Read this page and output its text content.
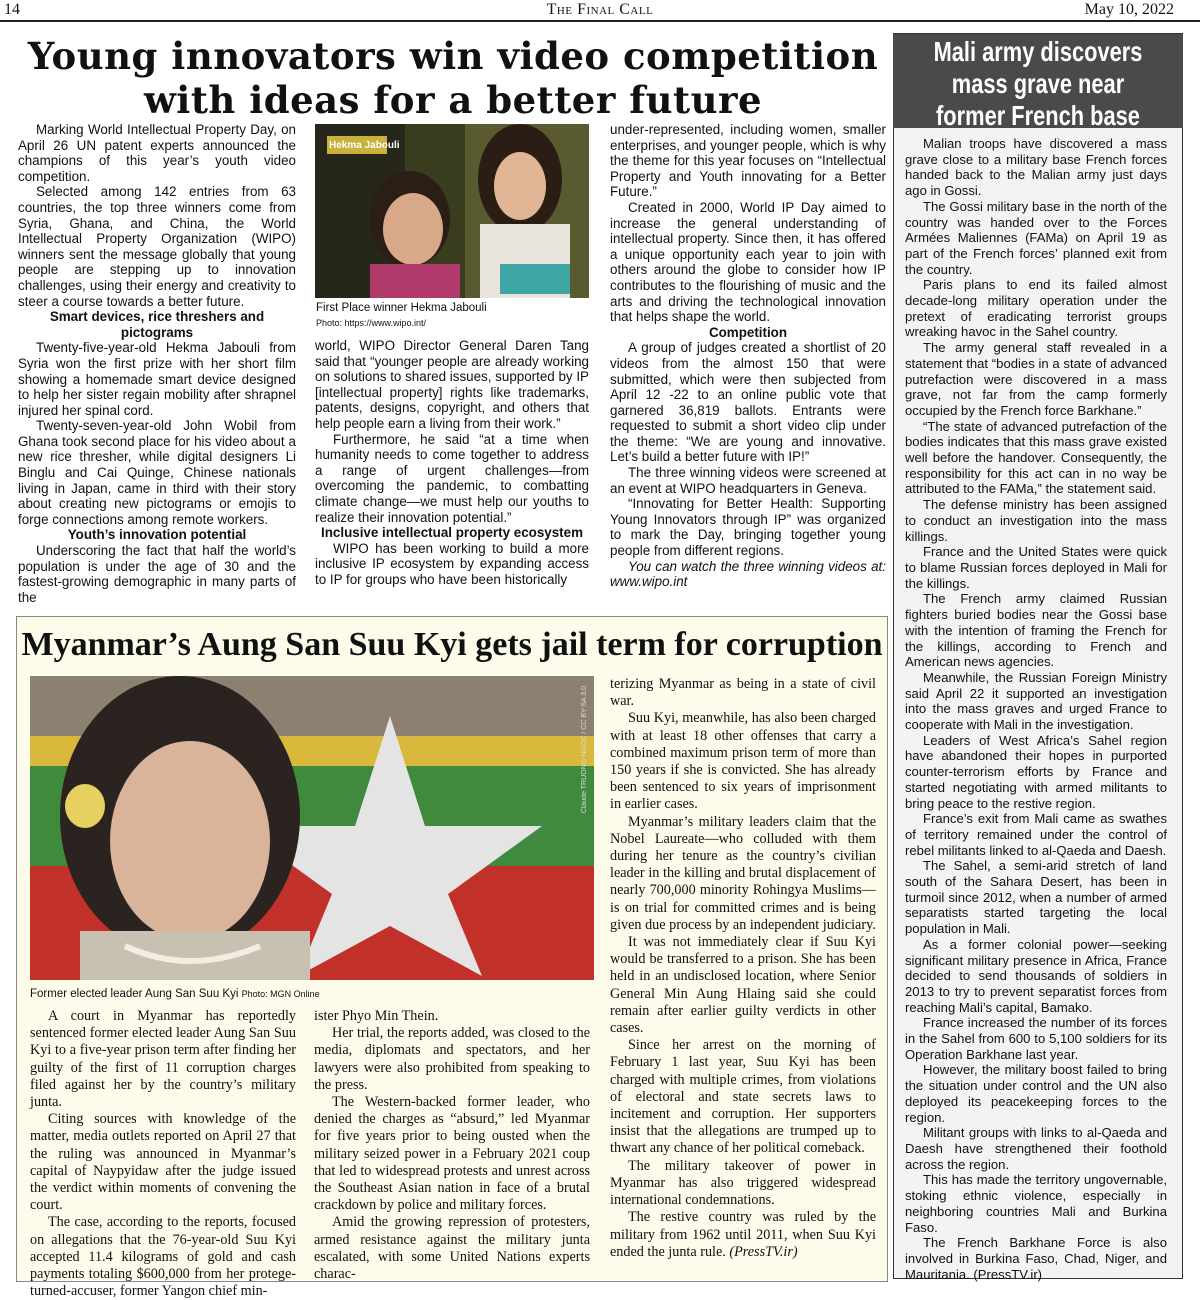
14	The Final Call	May 10, 2022
Young innovators win video competition
with ideas for a better future

Marking World Intellectual Property Day, on April 26 UN patent experts announced the champions of this year’s youth video competition.

Selected among 142 entries from 63 countries, the top three winners come from Syria, Ghana, and China, the World Intellectual Property Organization (WIPO) winners sent the message globally that young people are stepping up to innovation challenges, using their energy and creativity to steer a course towards a better future.

Smart devices, rice threshers and pictograms

Twenty-five-year-old Hekma Jabouli from Syria won the first prize with her short film showing a homemade smart device designed to help her sister regain mobility after shrapnel injured her spinal cord.

Twenty-seven-year-old John Wobil from Ghana took second place for his video about a new rice thresher, while digital designers Li Binglu and Cai Quinge, Chinese nationals living in Japan, came in third with their story about creating new pictograms or emojis to forge connections among remote workers.

Youth’s innovation potential

Underscoring the fact that half the world’s population is under the age of 30 and the fastest-growing demographic in many parts of the

Hekma Jabouli
First Place winner Hekma Jabouli
Photo: https://www.wipo.int/

world, WIPO Director General Daren Tang said that “younger people are already working on solutions to shared issues, supported by IP [intellectual property] rights like trademarks, patents, designs, copyright, and others that help people earn a living from their work.”

Furthermore, he said “at a time when humanity needs to come together to address a range of urgent challenges—from overcoming the pandemic, to combatting climate change—we must help our youths to realize their innovation potential.”

Inclusive intellectual property ecosystem

WIPO has been working to build a more inclusive IP ecosystem by expanding access to IP for groups who have been historically

under-represented, including women, smaller enterprises, and younger people, which is why the theme for this year focuses on “Intellectual Property and Youth innovating for a Better Future.”

Created in 2000, World IP Day aimed to increase the general understanding of intellectual property. Since then, it has offered a unique opportunity each year to join with others around the globe to consider how IP contributes to the flourishing of music and the arts and driving the technological innovation that helps shape the world.

Competition

A group of judges created a shortlist of 20 videos from the almost 150 that were submitted, which were then subjected from April 12 -22 to an online public vote that garnered 36,819 ballots. Entrants were requested to submit a short video clip under the theme: “We are young and innovative. Let’s build a better future with IP!”

The three winning videos were screened at an event at WIPO headquarters in Geneva.

“Innovating for Better Health: Supporting Young Innovators through IP” was organized to mark the Day, bringing together young people from different regions.

You can watch the three winning videos at: www.wipo.int

Myanmar’s Aung San Suu Kyi gets jail term for corruption
Claude TRUONG-NGOC / CC BY-SA 3.0
Former elected leader Aung San Suu Kyi Photo: MGN Online

A court in Myanmar has reportedly sentenced former elected leader Aung San Suu Kyi to a five-year prison term after finding her guilty of the first of 11 corruption charges filed against her by the country’s military junta.

Citing sources with knowledge of the matter, media outlets reported on April 27 that the ruling was announced in Myanmar’s capital of Naypyidaw after the judge issued the verdict within moments of convening the court.

The case, according to the reports, focused on allegations that the 76-year-old Suu Kyi accepted 11.4 kilograms of gold and cash payments totaling $600,000 from her protege-turned-accuser, former Yangon chief min-

ister Phyo Min Thein.

Her trial, the reports added, was closed to the media, diplomats and spectators, and her lawyers were also prohibited from speaking to the press.

The Western-backed former leader, who denied the charges as “absurd,” led Myanmar for five years prior to being ousted when the military seized power in a February 2021 coup that led to widespread protests and unrest across the Southeast Asian nation in face of a brutal crackdown by police and military forces.

Amid the growing repression of protesters, armed resistance against the military junta escalated, with some United Nations experts charac-

terizing Myanmar as being in a state of civil war.

Suu Kyi, meanwhile, has also been charged with at least 18 other offenses that carry a combined maximum prison term of more than 150 years if she is convicted. She has already been sentenced to six years of imprisonment in earlier cases.

Myanmar’s military leaders claim that the Nobel Laureate—who colluded with them during her tenure as the country’s civilian leader in the killing and brutal displacement of nearly 700,000 minority Rohingya Muslims—is on trial for committed crimes and is being given due process by an independent judiciary.

It was not immediately clear if Suu Kyi would be transferred to a prison. She has been held in an undisclosed location, where Senior General Min Aung Hlaing said she could remain after earlier guilty verdicts in other cases.

Since her arrest on the morning of February 1 last year, Suu Kyi has been charged with multiple crimes, from violations of electoral and state secrets laws to incitement and corruption. Her supporters insist that the allegations are trumped up to thwart any chance of her political comeback.

The military takeover of power in Myanmar has also triggered widespread international condemnations.

The restive country was ruled by the military from 1962 until 2011, when Suu Kyi ended the junta rule. (PressTV.ir)

Mali army discovers
mass grave near
former French base

Malian troops have discovered a mass grave close to a military base French forces handed back to the Malian army just days ago in Gossi.

The Gossi military base in the north of the country was handed over to the Forces Armées Maliennes (FAMa) on April 19 as part of the French forces’ planned exit from the country.

Paris plans to end its failed almost decade-long military operation under the pretext of eradicating terrorist groups wreaking havoc in the Sahel country.

The army general staff revealed in a statement that “bodies in a state of advanced putrefaction were discovered in a mass grave, not far from the camp formerly occupied by the French force Barkhane.”

“The state of advanced putrefaction of the bodies indicates that this mass grave existed well before the handover. Consequently, the responsibility for this act can in no way be attributed to the FAMa,” the statement said.

The defense ministry has been assigned to conduct an investigation into the mass killings.

France and the United States were quick to blame Russian forces deployed in Mali for the killings.

The French army claimed Russian fighters buried bodies near the Gossi base with the intention of framing the French for the killings, according to French and American news agencies.

Meanwhile, the Russian Foreign Ministry said April 22 it supported an investigation into the mass graves and urged France to cooperate with Mali in the investigation.

Leaders of West Africa’s Sahel region have abandoned their hopes in purported counter-terrorism efforts by France and started negotiating with armed militants to bring peace to the restive region.

France’s exit from Mali came as swathes of territory remained under the control of rebel militants linked to al-Qaeda and Daesh.

The Sahel, a semi-arid stretch of land south of the Sahara Desert, has been in turmoil since 2012, when a number of armed separatists started targeting the local population in Mali.

As a former colonial power—seeking significant military presence in Africa, France decided to send thousands of soldiers in 2013 to try to prevent separatist forces from reaching Mali’s capital, Bamako.

France increased the number of its forces in the Sahel from 600 to 5,100 soldiers for its Operation Barkhane last year.

However, the military boost failed to bring the situation under control and the UN also deployed its peacekeeping forces to the region.

Militant groups with links to al-Qaeda and Daesh have strengthened their foothold across the region.

This has made the territory ungovernable, stoking ethnic violence, especially in neighboring countries Mali and Burkina Faso.

The French Barkhane Force is also involved in Burkina Faso, Chad, Niger, and Mauritania. (PressTV.ir)
